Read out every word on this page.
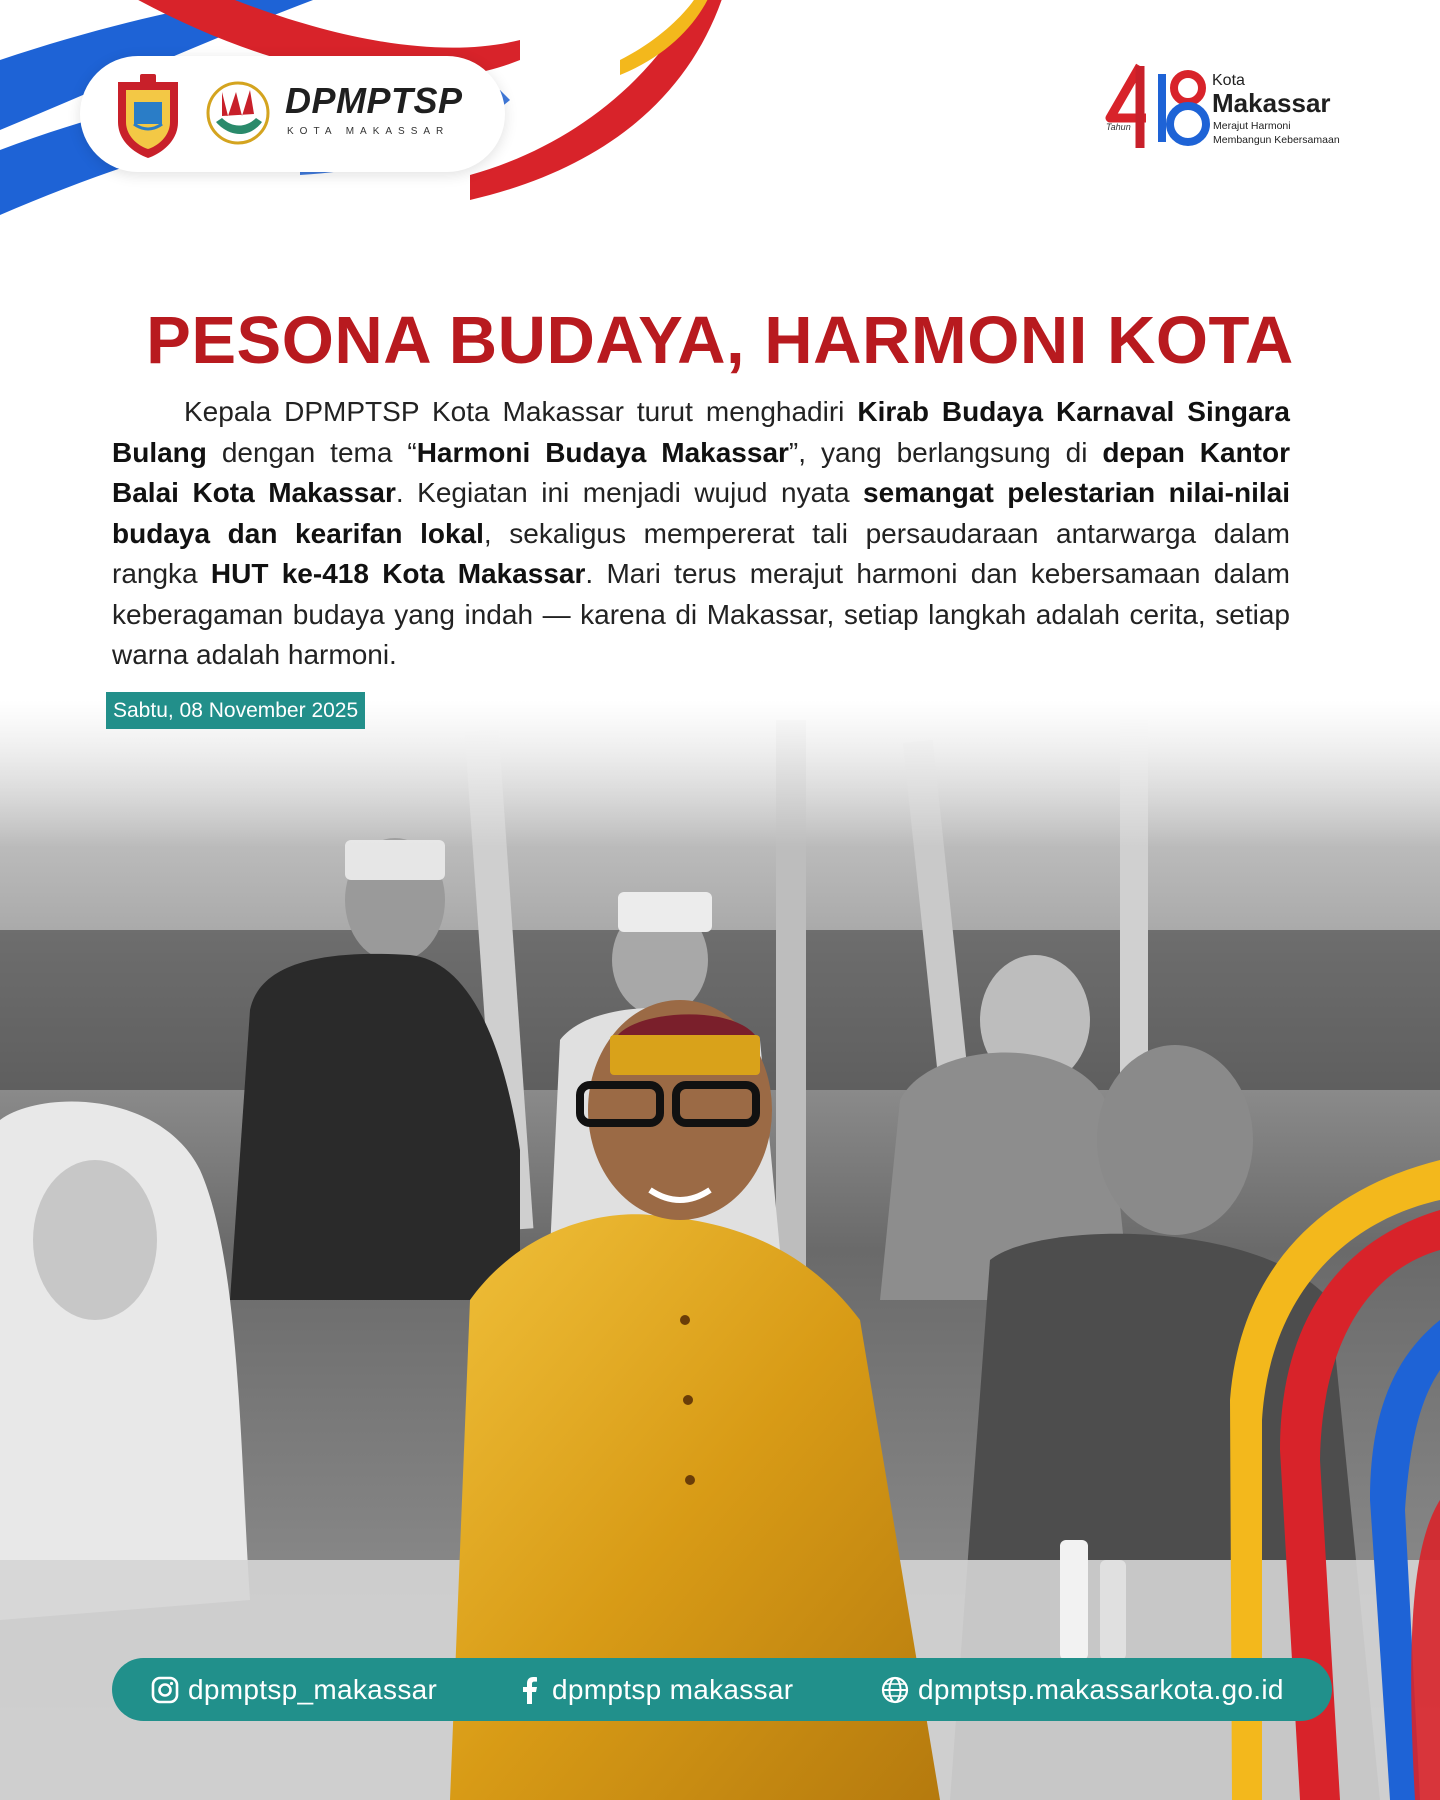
DPMPTSP
KOTA MAKASSAR	Tahun
Kota
Makassar
Merajut Harmoni
Membangun Kebersamaan
PESONA BUDAYA, HARMONI KOTA

Kepala DPMPTSP Kota Makassar turut menghadiri Kirab Budaya Karnaval Singara Bulang dengan tema “Harmoni Budaya Makassar”, yang berlangsung di depan Kantor Balai Kota Makassar. Kegiatan ini menjadi wujud nyata semangat pelestarian nilai-nilai budaya dan kearifan lokal, sekaligus mempererat tali persaudaraan antarwarga dalam rangka HUT ke-418 Kota Makassar. Mari terus merajut harmoni dan kebersamaan dalam keberagaman budaya yang indah — karena di Makassar, setiap langkah adalah cerita, setiap warna adalah harmoni.

Sabtu, 08 November 2025
dpmptsp_makassar	dpmptsp makassar	dpmptsp.makassarkota.go.id
